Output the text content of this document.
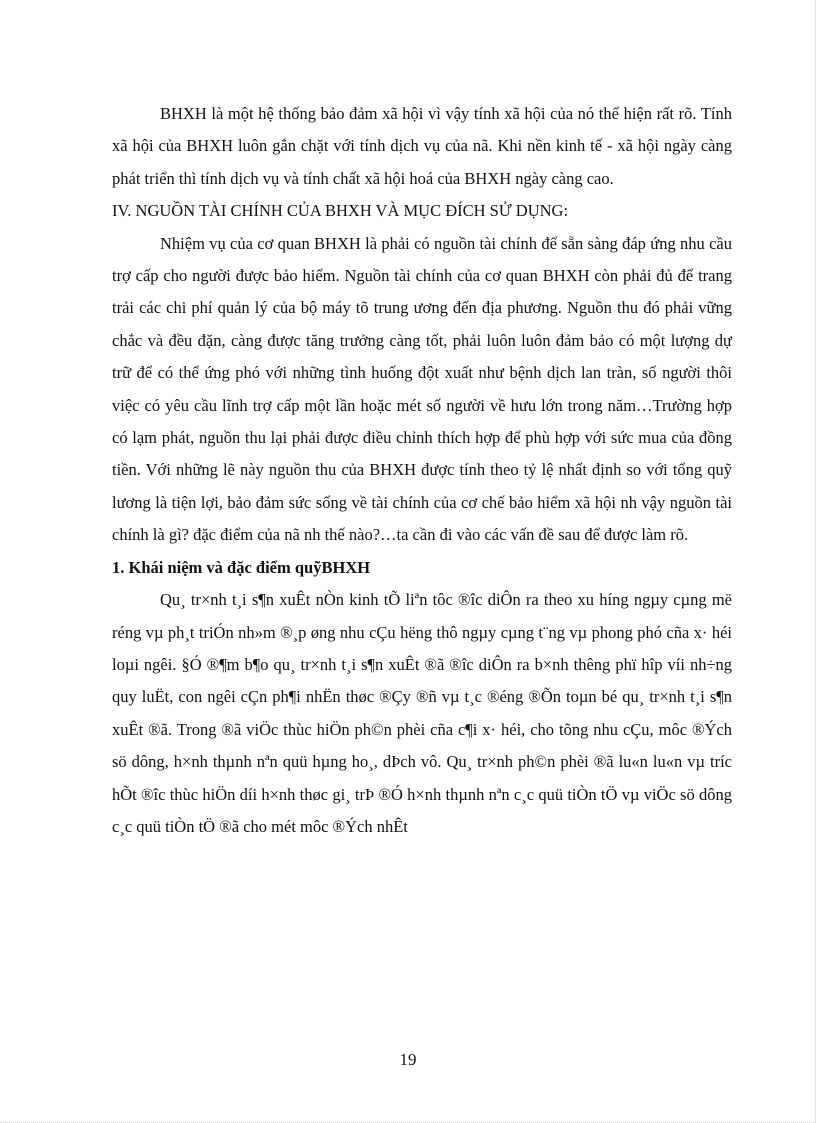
BHXH là một hệ thống bảo đảm xã hội vì vậy tính xã hội của nó thể hiện rất rõ. Tính xã hội của BHXH luôn gắn chặt với tính dịch vụ của nã. Khi nền kinh tế - xã hội ngày càng phát triển thì tính dịch vụ và tính chất xã hội hoá của BHXH ngày càng cao.

IV. NGUỒN TÀI CHÍNH CỦA BHXH VÀ MỤC ĐÍCH SỬ DỤNG:

Nhiệm vụ của cơ quan BHXH là phải có nguồn tài chính để sẵn sàng đáp ứng nhu cầu trợ cấp cho người được bảo hiểm. Nguồn tài chính của cơ quan BHXH còn phải đủ để trang trải các chi phí quản lý của bộ máy tõ trung ương đến địa phương. Nguồn thu đó phải vững chắc và đều đặn, càng được tăng trưởng càng tốt, phải luôn luôn đảm bảo có một lượng dự trữ để có thể ứng phó với những tình huống đột xuất như bệnh dịch lan tràn, số người thôi việc có yêu cầu lĩnh trợ cấp một lần hoặc mét số người về hưu lớn trong năm…Trường hợp có lạm phát, nguồn thu lại phải được điều chỉnh thích hợp để phù hợp với sức mua của đồng tiền. Với những lẽ này nguồn thu của BHXH được tính theo tỷ lệ nhất định so với tổng quỹ lương là tiện lợi, bảo đảm sức sống về tài chính của cơ chế bảo hiểm xã hội nh vậy nguồn tài chính là gì? đặc điểm của nã nh thế nào?…ta cần đi vào các vấn đề sau để được làm rõ.

1. Khái niệm và đặc điểm quỹBHXH

Qu¸ tr×nh t¸i s¶n xuÊt nÒn kinh tÕ liªn tôc ®îc diÔn ra theo xu híng ngµy cµng më réng vµ ph¸t triÓn nh»m ®¸p øng nhu cÇu hëng thô ngµy cµng t¨ng vµ phong phó cña x· héi loµi ngêi. §Ó ®¶m b¶o qu¸ tr×nh t¸i s¶n xuÊt ®ã ®îc diÔn ra b×nh thêng phï hîp víi nh÷ng quy luËt, con ngêi cÇn ph¶i nhËn thøc ®Çy ®ñ vµ t¸c ®éng ®Õn toµn bé qu¸ tr×nh t¸i s¶n xuÊt ®ã. Trong ®ã viÖc thùc hiÖn ph©n phèi cña c¶i x· héi, cho tõng nhu cÇu, môc ®Ých sö dông, h×nh thµnh nªn quü hµng ho¸, dÞch vô. Qu¸ tr×nh ph©n phèi ®ã lu«n lu«n vµ tríc hÕt ®îc thùc hiÖn díi h×nh thøc gi¸ trÞ ®Ó h×nh thµnh nªn c¸c quü tiÒn tÖ vµ viÖc sö dông c¸c quü tiÒn tÖ ®ã cho mét môc ®Ých nhÊt

19
